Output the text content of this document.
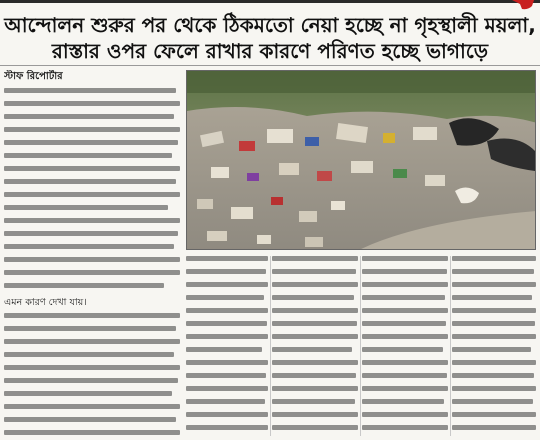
আন্দোলন শুরুর পর থেকে ঠিকমতো নেয়া হচ্ছে না গৃহস্থালী ময়লা,
রাস্তার ওপর ফেলে রাখার কারণে পরিণত হচ্ছে ভাগাড়ে
স্টাফ রিপোর্টার
এমন কারণ দেখা যায়।
